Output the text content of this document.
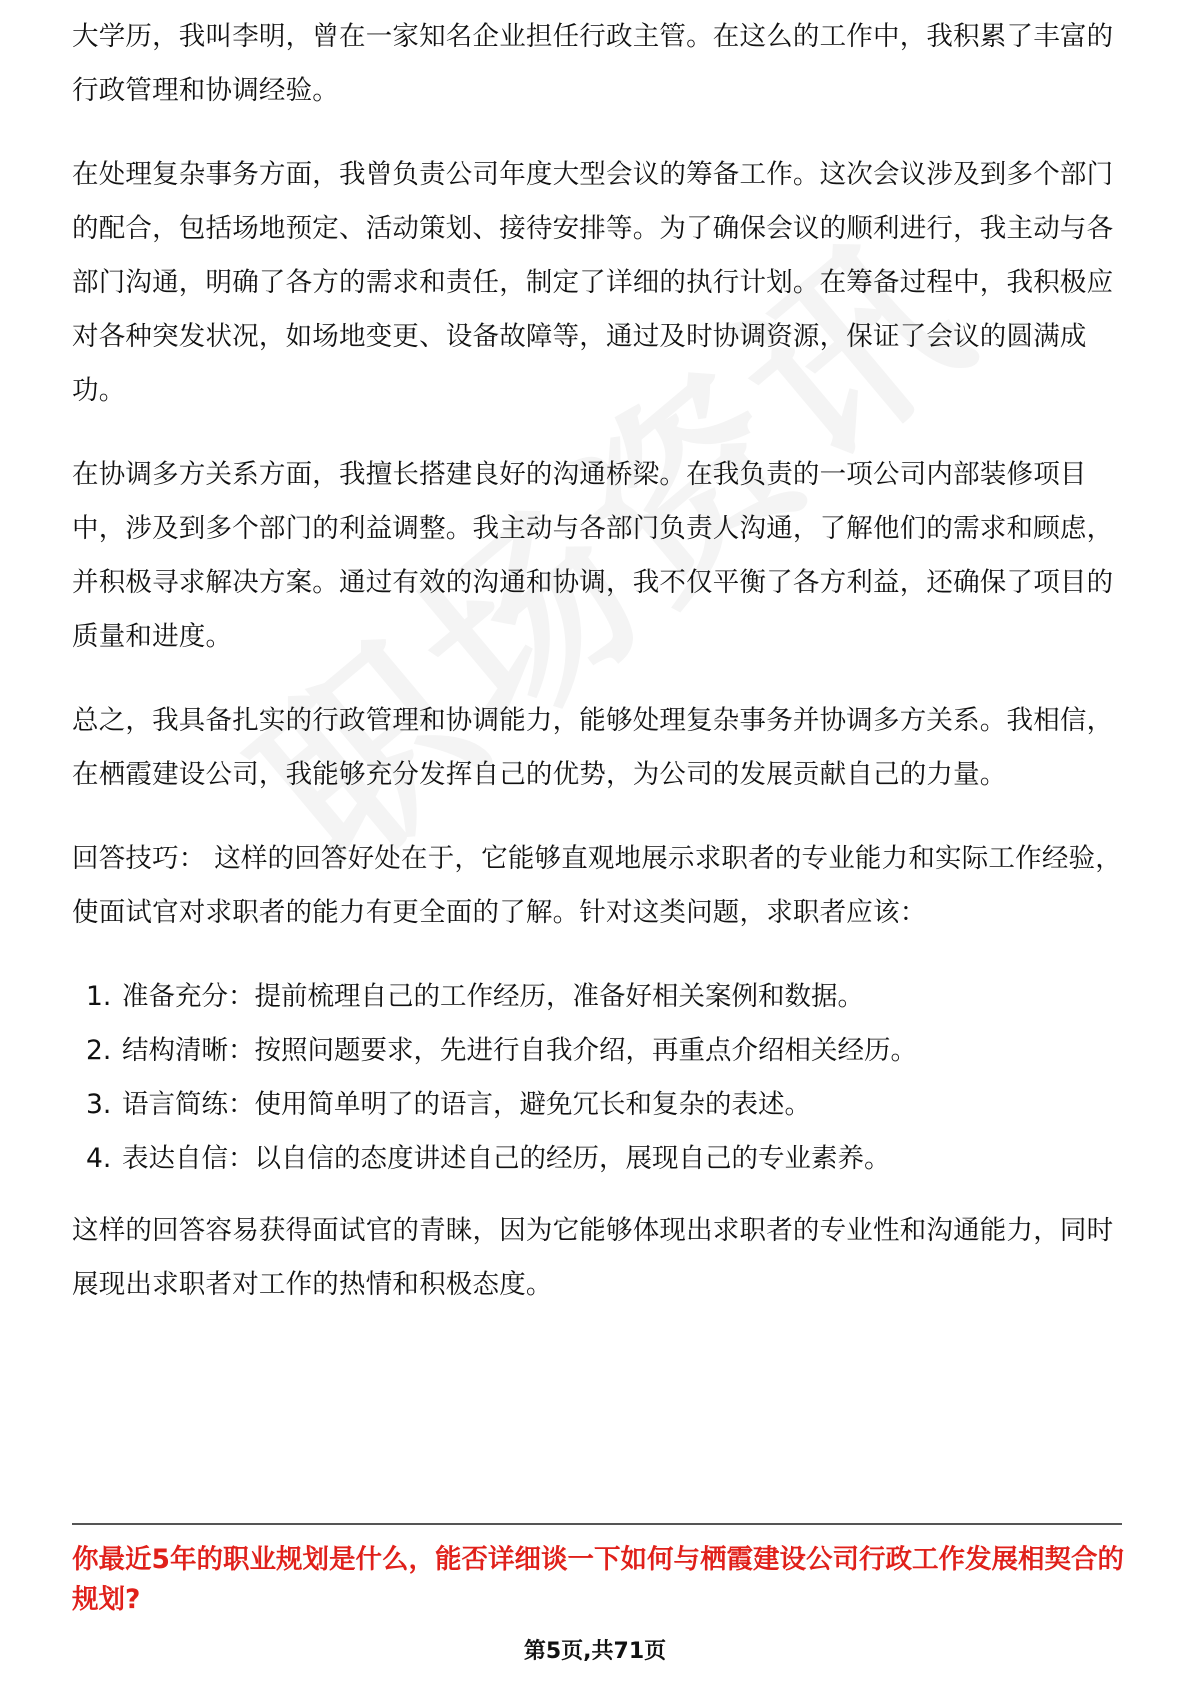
大学历，我叫李明，曾在一家知名企业担任行政主管。在这么的工作中，我积累了丰富的行政管理和协调经验。

在处理复杂事务方面，我曾负责公司年度大型会议的筹备工作。这次会议涉及到多个部门的配合，包括场地预定、活动策划、接待安排等。为了确保会议的顺利进行，我主动与各部门沟通，明确了各方的需求和责任，制定了详细的执行计划。在筹备过程中，我积极应对各种突发状况，如场地变更、设备故障等，通过及时协调资源，保证了会议的圆满成功。

在协调多方关系方面，我擅长搭建良好的沟通桥梁。在我负责的一项公司内部装修项目中，涉及到多个部门的利益调整。我主动与各部门负责人沟通，了解他们的需求和顾虑，并积极寻求解决方案。通过有效的沟通和协调，我不仅平衡了各方利益，还确保了项目的质量和进度。

总之，我具备扎实的行政管理和协调能力，能够处理复杂事务并协调多方关系。我相信，在栖霞建设公司，我能够充分发挥自己的优势，为公司的发展贡献自己的力量。

回答技巧： 这样的回答好处在于，它能够直观地展示求职者的专业能力和实际工作经验，使面试官对求职者的能力有更全面的了解。针对这类问题，求职者应该：

1. 准备充分：提前梳理自己的工作经历，准备好相关案例和数据。
2. 结构清晰：按照问题要求，先进行自我介绍，再重点介绍相关经历。
3. 语言简练：使用简单明了的语言，避免冗长和复杂的表述。
4. 表达自信：以自信的态度讲述自己的经历，展现自己的专业素养。

这样的回答容易获得面试官的青睐，因为它能够体现出求职者的专业性和沟通能力，同时展现出求职者对工作的热情和积极态度。

你最近5年的职业规划是什么，能否详细谈一下如何与栖霞建设公司行政工作发展相契合的规划?
第5页,共71页
